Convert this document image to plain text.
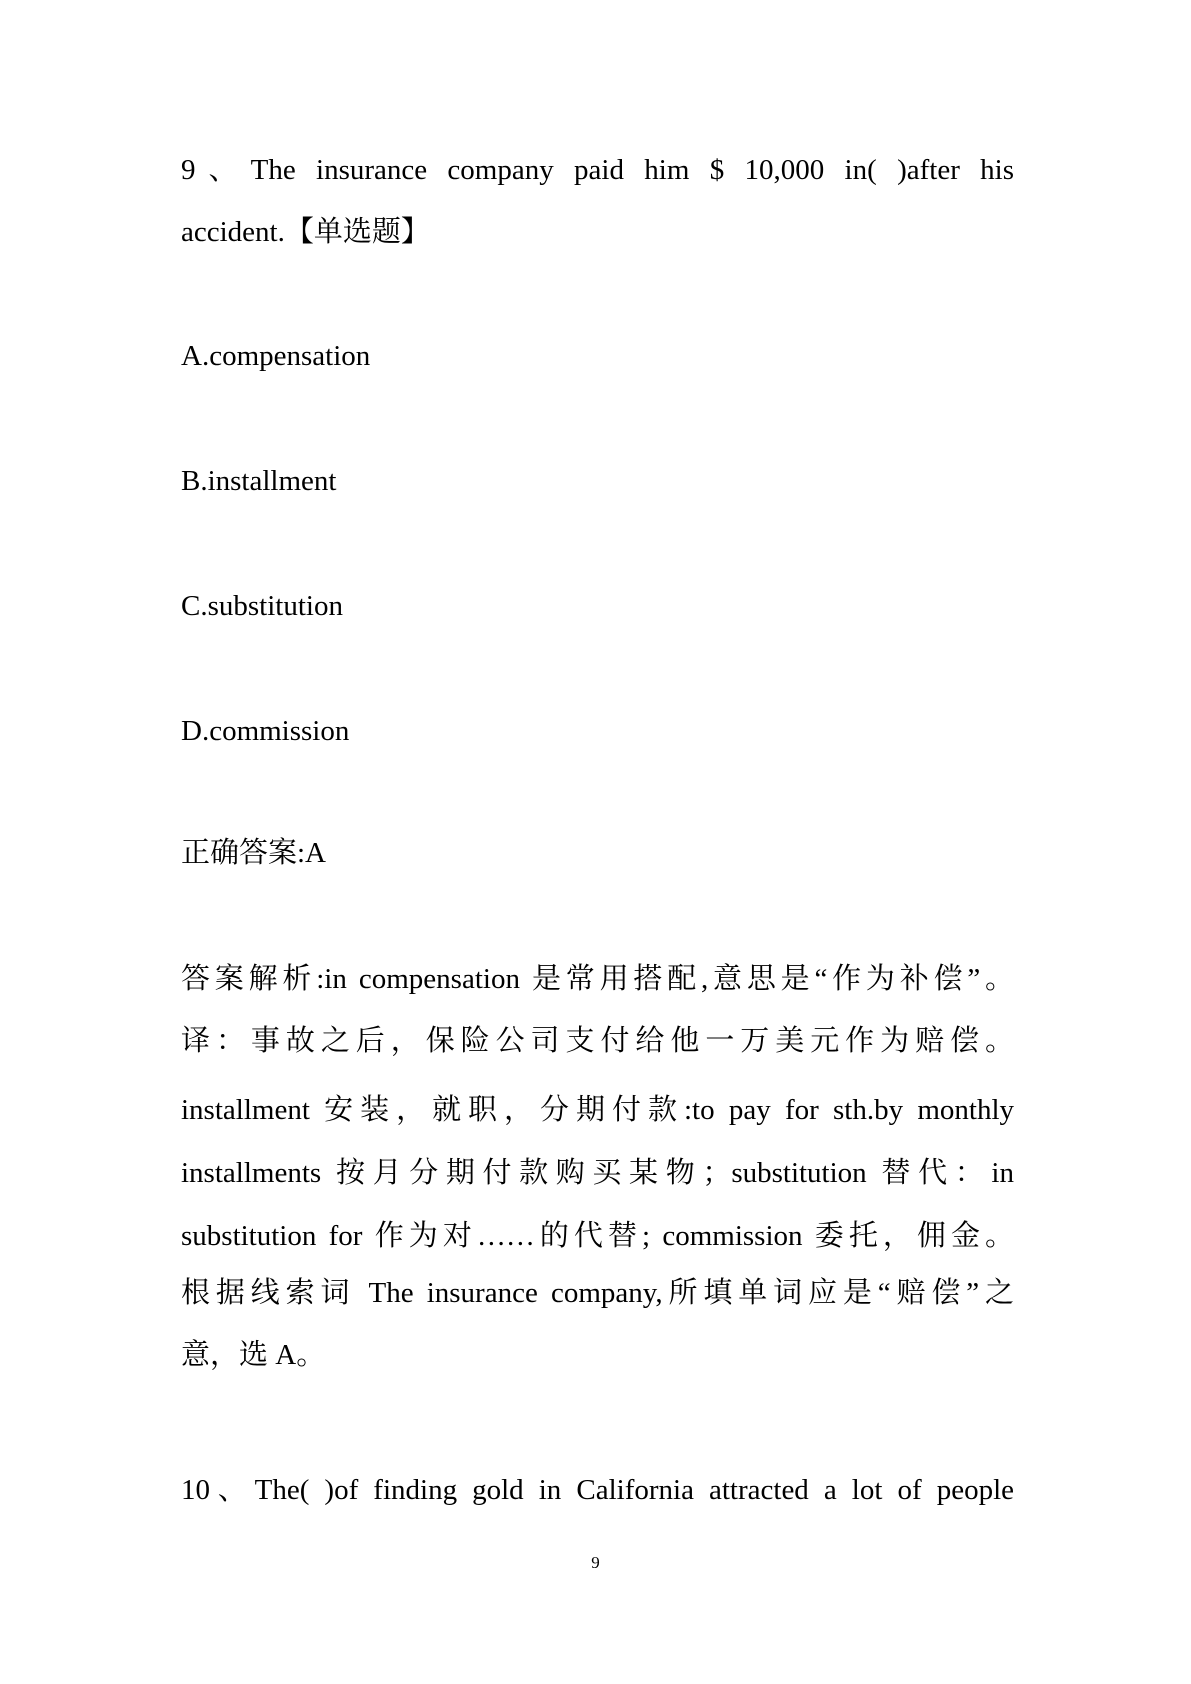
9、The insurance company paid him $ 10,000 in( )after his
accident.【单选题】
A.compensation
B.installment
C.substitution
D.commission
正确答案:A
答案解析:in compensation 是常用搭配,意思是“作为补偿”。
译：事故之后，保险公司支付给他一万美元作为赔偿。
installment 安装，就职，分期付款:to pay for sth.by monthly
installments 按月分期付款购买某物；substitution 替代：in
substitution for 作为对……的代替; commission 委托，佣金。
根据线索词 The insurance company,所填单词应是“赔偿”之
意，选 A。
10、The( )of finding gold in California attracted a lot of people
9
